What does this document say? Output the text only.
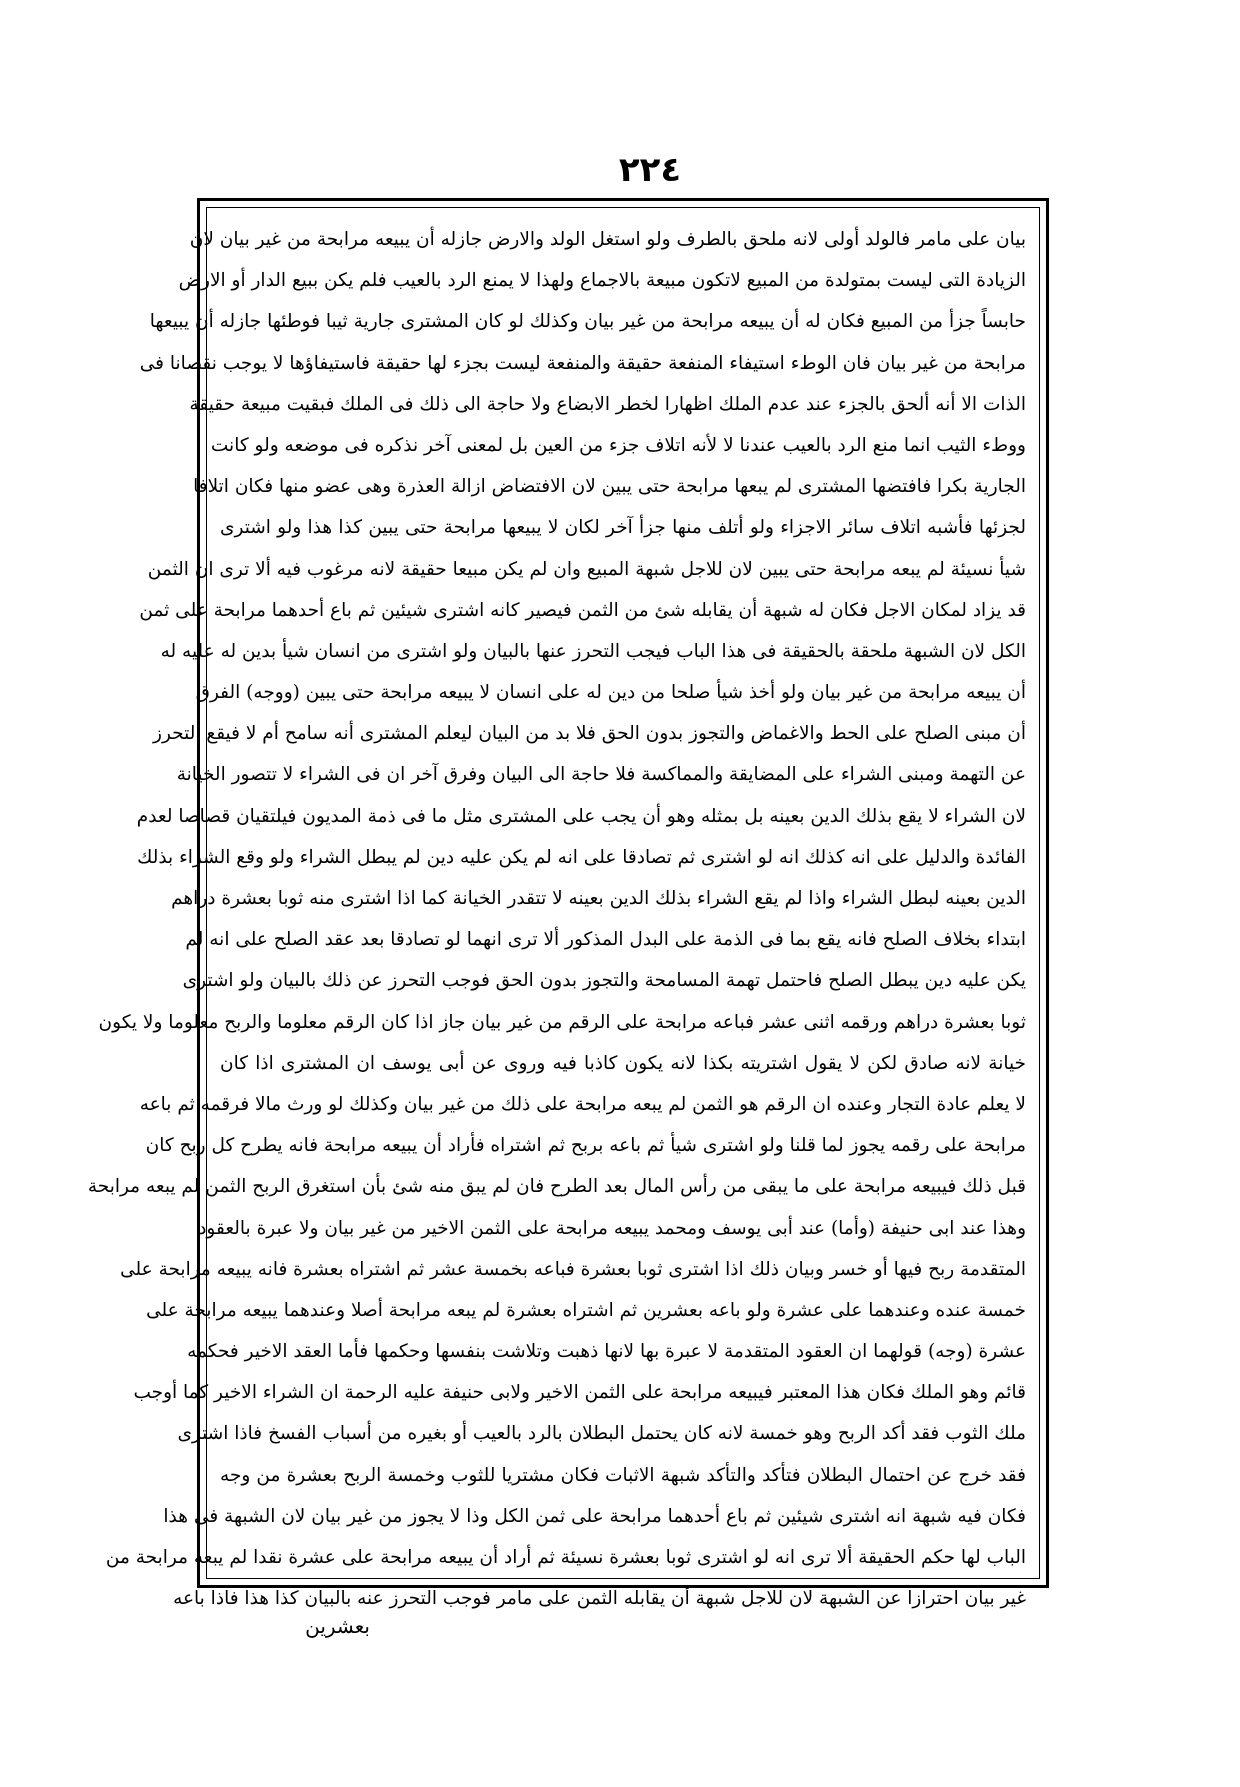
٢٢٤
بيان على مامر فالولد أولى لانه ملحق بالطرف ولو استغل الولد والارض جازله أن يبيعه مرابحة من غير بيان لان
الزيادة التى ليست بمتولدة من المبيع لاتكون مبيعة بالاجماع ولهذا لا يمنع الرد بالعيب فلم يكن ببيع الدار أو الارض
حابساً جزأ من المبيع فكان له أن يبيعه مرابحة من غير بيان وكذلك لو كان المشترى جارية ثيبا فوطئها جازله أن يبيعها
مرابحة من غير بيان فان الوطء استيفاء المنفعة حقيقة والمنفعة ليست بجزء لها حقيقة فاستيفاؤها لا يوجب نقصانا فى
الذات الا أنه ألحق بالجزء عند عدم الملك اظهارا لخطر الابضاع ولا حاجة الى ذلك فى الملك فبقيت مبيعة حقيقة
ووطء الثيب انما منع الرد بالعيب عندنا لا لأنه اتلاف جزء من العين بل لمعنى آخر نذكره فى موضعه ولو كانت
الجارية بكرا فافتضها المشترى لم يبعها مرابحة حتى يبين لان الافتضاض ازالة العذرة وهى عضو منها فكان اتلافا
لجزئها فأشبه اتلاف سائر الاجزاء ولو أتلف منها جزأ آخر لكان لا يبيعها مرابحة حتى يبين كذا هذا ولو اشترى
شيأ نسيئة لم يبعه مرابحة حتى يبين لان للاجل شبهة المبيع وان لم يكن مبيعا حقيقة لانه مرغوب فيه ألا ترى ان الثمن
قد يزاد لمكان الاجل فكان له شبهة أن يقابله شئ من الثمن فيصير كانه اشترى شيئين ثم باع أحدهما مرابحة على ثمن
الكل لان الشبهة ملحقة بالحقيقة فى هذا الباب فيجب التحرز عنها بالبيان ولو اشترى من انسان شيأ بدين له عليه له
أن يبيعه مرابحة من غير بيان ولو أخذ شيأ صلحا من دين له على انسان لا يبيعه مرابحة حتى يبين (ووجه) الفرق
أن مبنى الصلح على الحط والاغماض والتجوز بدون الحق فلا بد من البيان ليعلم المشترى أنه سامح أم لا فيقع التحرز
عن التهمة ومبنى الشراء على المضايقة والمماكسة فلا حاجة الى البيان وفرق آخر ان فى الشراء لا تتصور الخيانة
لان الشراء لا يقع بذلك الدين بعينه بل بمثله وهو أن يجب على المشترى مثل ما فى ذمة المديون فيلتقيان قصاصا لعدم
الفائدة والدليل على انه كذلك انه لو اشترى ثم تصادقا على انه لم يكن عليه دين لم يبطل الشراء ولو وقع الشراء بذلك
الدين بعينه لبطل الشراء واذا لم يقع الشراء بذلك الدين بعينه لا تتقدر الخيانة كما اذا اشترى منه ثوبا بعشرة دراهم
ابتداء بخلاف الصلح فانه يقع بما فى الذمة على البدل المذكور ألا ترى انهما لو تصادقا بعد عقد الصلح على انه لم
يكن عليه دين يبطل الصلح فاحتمل تهمة المسامحة والتجوز بدون الحق فوجب التحرز عن ذلك بالبيان ولو اشترى
ثوبا بعشرة دراهم ورقمه اثنى عشر فباعه مرابحة على الرقم من غير بيان جاز اذا كان الرقم معلوما والربح معلوما ولا يكون
خيانة لانه صادق لكن لا يقول اشتريته بكذا لانه يكون كاذبا فيه وروى عن أبى يوسف ان المشترى اذا كان
لا يعلم عادة التجار وعنده ان الرقم هو الثمن لم يبعه مرابحة على ذلك من غير بيان وكذلك لو ورث مالا فرقمه ثم باعه
مرابحة على رقمه يجوز لما قلنا ولو اشترى شيأ ثم باعه بربح ثم اشتراه فأراد أن يبيعه مرابحة فانه يطرح كل ربح كان
قبل ذلك فيبيعه مرابحة على ما يبقى من رأس المال بعد الطرح فان لم يبق منه شئ بأن استغرق الربح الثمن لم يبعه مرابحة
وهذا عند ابى حنيفة (وأما) عند أبى يوسف ومحمد يبيعه مرابحة على الثمن الاخير من غير بيان ولا عبرة بالعقود
المتقدمة ربح فيها أو خسر وبيان ذلك اذا اشترى ثوبا بعشرة فباعه بخمسة عشر ثم اشتراه بعشرة فانه يبيعه مرابحة على
خمسة عنده وعندهما على عشرة ولو باعه بعشرين ثم اشتراه بعشرة لم يبعه مرابحة أصلا وعندهما يبيعه مرابحة على
عشرة (وجه) قولهما ان العقود المتقدمة لا عبرة بها لانها ذهبت وتلاشت بنفسها وحكمها فأما العقد الاخير فحكمه
قائم وهو الملك فكان هذا المعتبر فيبيعه مرابحة على الثمن الاخير ولابى حنيفة عليه الرحمة ان الشراء الاخير كما أوجب
ملك الثوب فقد أكد الربح وهو خمسة لانه كان يحتمل البطلان بالرد بالعيب أو بغيره من أسباب الفسخ فاذا اشترى
فقد خرج عن احتمال البطلان فتأكد والتأكد شبهة الاثبات فكان مشتريا للثوب وخمسة الربح بعشرة من وجه
فكان فيه شبهة انه اشترى شيئين ثم باع أحدهما مرابحة على ثمن الكل وذا لا يجوز من غير بيان لان الشبهة فى هذا
الباب لها حكم الحقيقة ألا ترى انه لو اشترى ثوبا بعشرة نسيئة ثم أراد أن يبيعه مرابحة على عشرة نقدا لم يبعه مرابحة من
غير بيان احترازا عن الشبهة لان للاجل شبهة أن يقابله الثمن على مامر فوجب التحرز عنه بالبيان كذا هذا فاذا باعه
بعشرين
